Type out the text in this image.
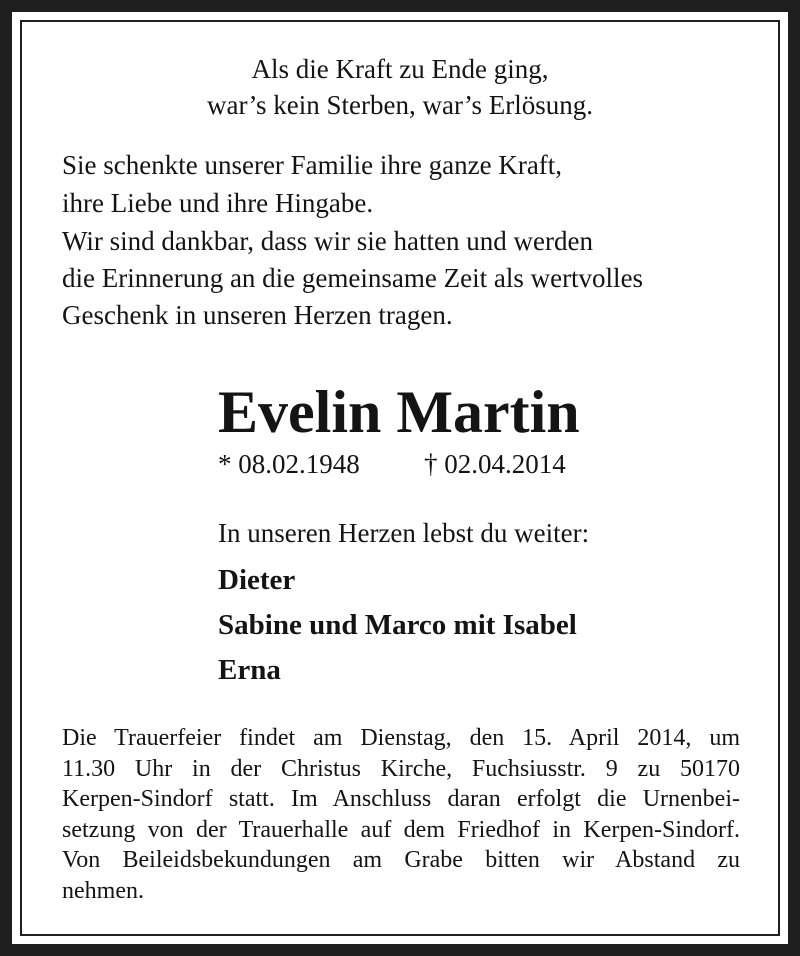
Als die Kraft zu Ende ging,

war’s kein Sterben, war’s Erlösung.

Sie schenkte unserer Familie ihre ganze Kraft,

ihre Liebe und ihre Hingabe.

Wir sind dankbar, dass wir sie hatten und werden

die Erinnerung an die gemeinsame Zeit als wertvolles

Geschenk in unseren Herzen tragen.

Evelin Martin
* 08.02.1948 † 02.04.2014

In unseren Herzen lebst du weiter:

Dieter

Sabine und Marco mit Isabel

Erna

Die Trauerfeier findet am Dienstag, den 15. April 2014, um
11.30 Uhr in der Christus Kirche, Fuchsiusstr. 9 zu 50170
Kerpen-Sindorf statt. Im Anschluss daran erfolgt die Urnenbei-
setzung von der Trauerhalle auf dem Friedhof in Kerpen-Sindorf.
Von Beileidsbekundungen am Grabe bitten wir Abstand zu
nehmen.
